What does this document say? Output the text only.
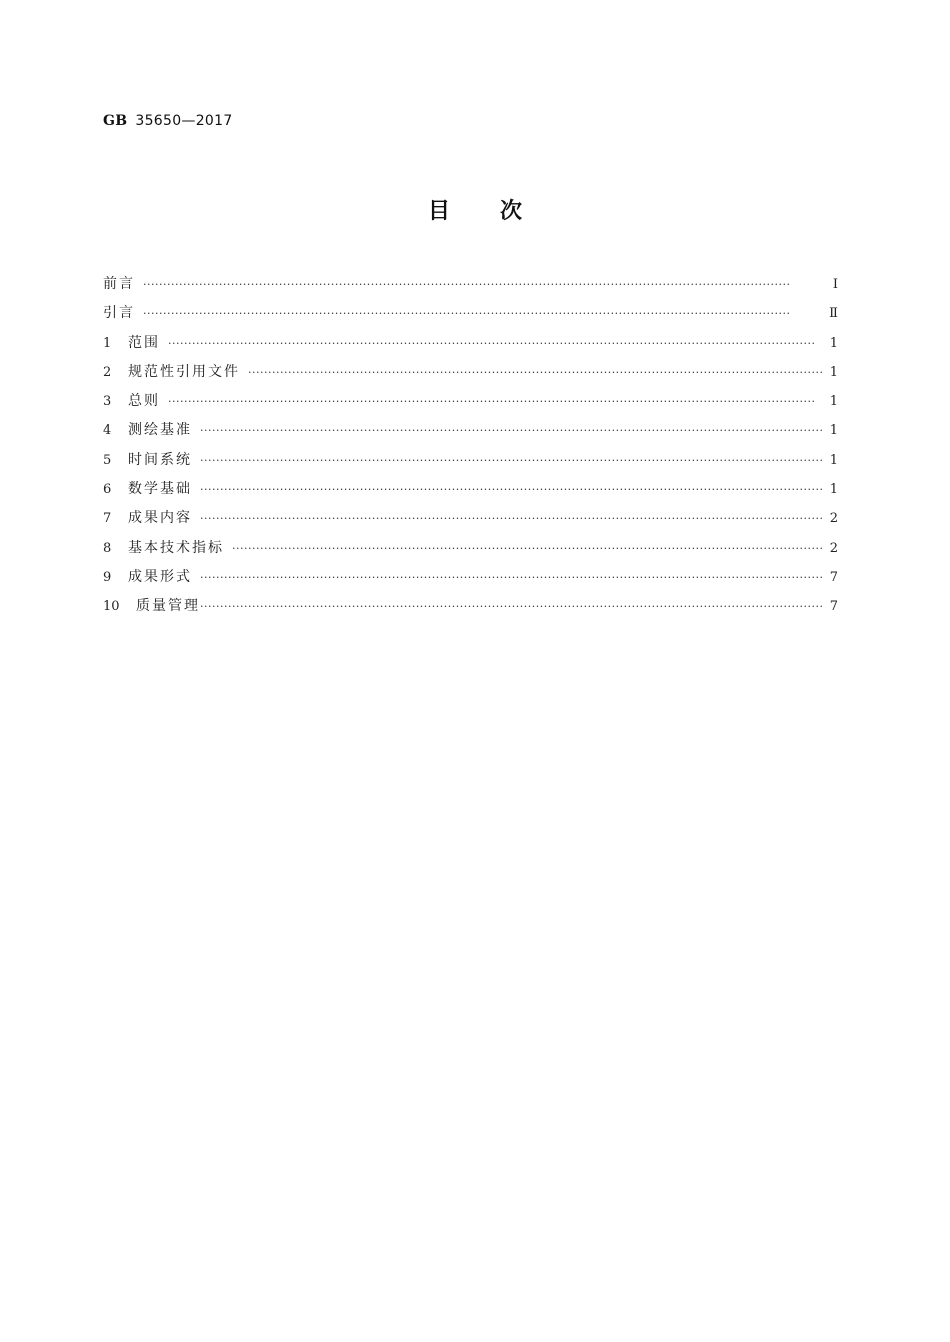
GB 35650—2017
目次
前言 ·····	Ⅰ
引言 ·····	Ⅱ
1	范围 ·····	1
2	规范性引用文件 ·····	1
3	总则 ·····	1
4	测绘基准 ·····	1
5	时间系统 ·····	1
6	数学基础 ·····	1
7	成果内容 ·····	2
8	基本技术指标 ·····	2
9	成果形式 ·····	7
10	质量管理 ·····	7
